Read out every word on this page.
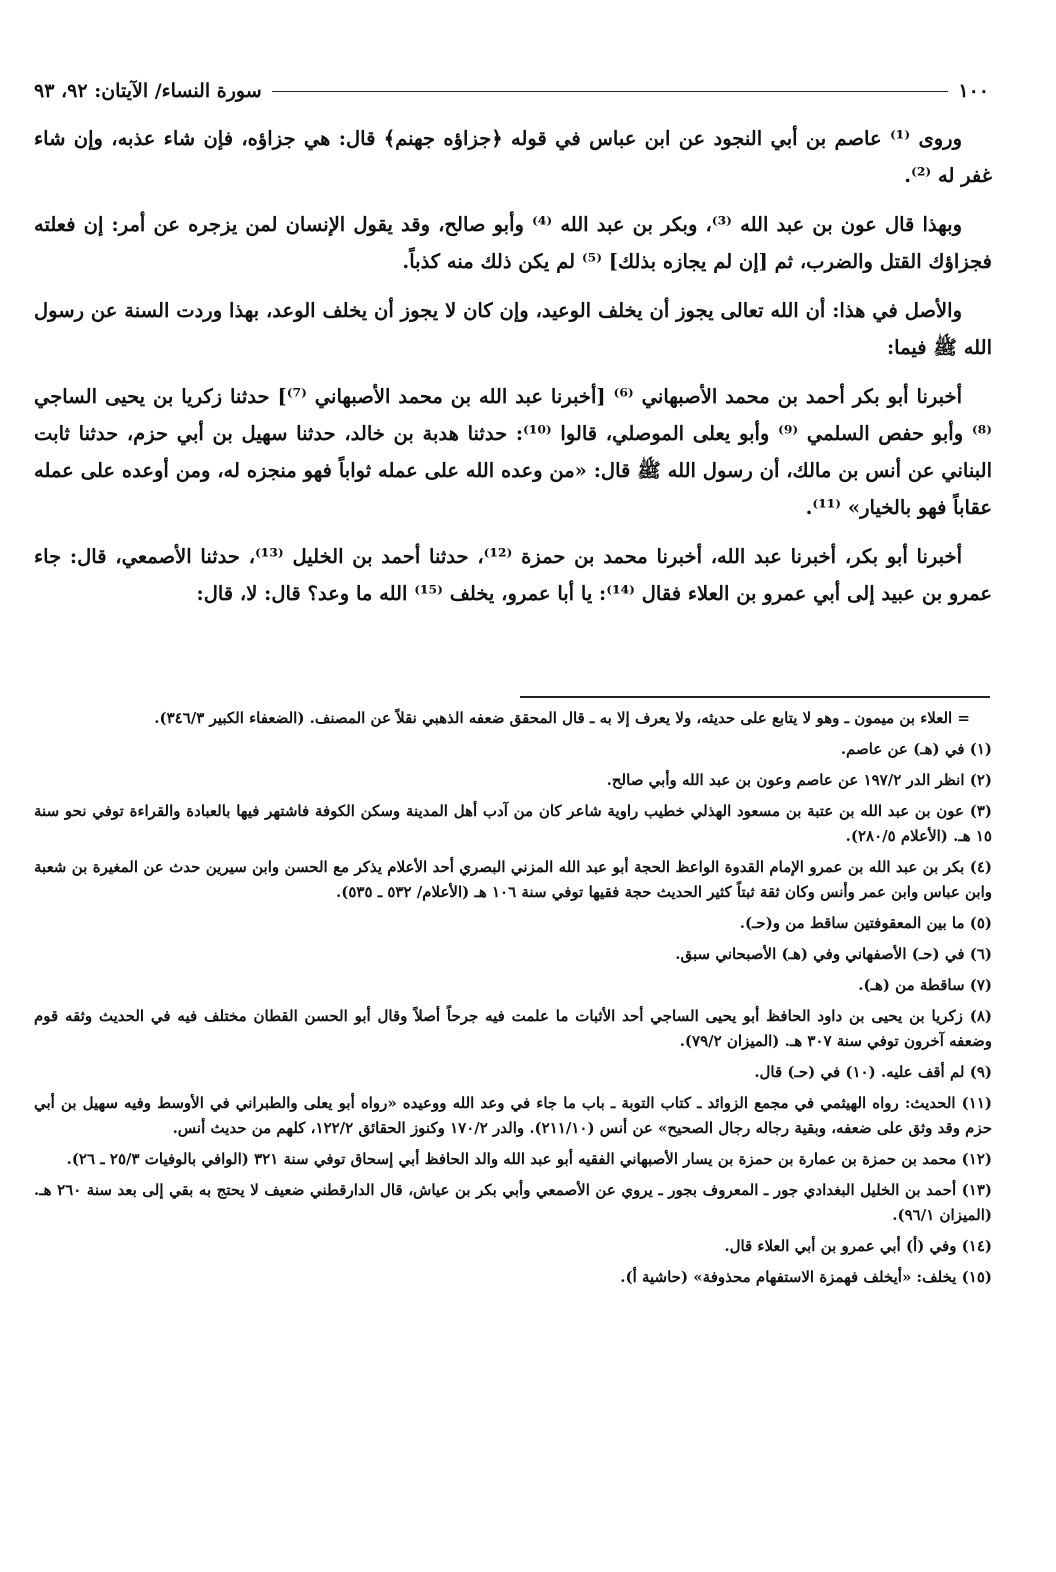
١٠٠
سورة النساء/ الآيتان: ٩٢، ٩٣

وروى ⁽¹⁾ عاصم بن أبي النجود عن ابن عباس في قوله ﴿جزاؤه جهنم﴾ قال: هي جزاؤه، فإن شاء عذبه، وإن شاء غفر له ⁽²⁾.

وبهذا قال عون بن عبد الله ⁽³⁾، وبكر بن عبد الله ⁽⁴⁾ وأبو صالح، وقد يقول الإنسان لمن يزجره عن أمر: إن فعلته فجزاؤك القتل والضرب، ثم [إن لم يجازه بذلك] ⁽⁵⁾ لم يكن ذلك منه كذباً.

والأصل في هذا: أن الله تعالى يجوز أن يخلف الوعيد، وإن كان لا يجوز أن يخلف الوعد، بهذا وردت السنة عن رسول الله ﷺ فيما:

أخبرنا أبو بكر أحمد بن محمد الأصبهاني ⁽⁶⁾ [أخبرنا عبد الله بن محمد الأصبهاني ⁽⁷⁾] حدثنا زكريا بن يحيى الساجي ⁽⁸⁾ وأبو حفص السلمي ⁽⁹⁾ وأبو يعلى الموصلي، قالوا ⁽¹⁰⁾: حدثنا هدبة بن خالد، حدثنا سهيل بن أبي حزم، حدثنا ثابت البناني عن أنس بن مالك، أن رسول الله ﷺ قال: «من وعده الله على عمله ثواباً فهو منجزه له، ومن أوعده على عمله عقاباً فهو بالخيار» ⁽¹¹⁾.

أخبرنا أبو بكر، أخبرنا عبد الله، أخبرنا محمد بن حمزة ⁽¹²⁾، حدثنا أحمد بن الخليل ⁽¹³⁾، حدثنا الأصمعي، قال: جاء عمرو بن عبيد إلى أبي عمرو بن العلاء فقال ⁽¹⁴⁾: يا أبا عمرو، يخلف ⁽¹⁵⁾ الله ما وعد؟ قال: لا، قال:

= العلاء بن ميمون ـ وهو لا يتابع على حديثه، ولا يعرف إلا به ـ قال المحقق ضعفه الذهبي نقلاً عن المصنف. (الضعفاء الكبير ٣٤٦/٣).

(١) في (هـ) عن عاصم.

(٢) انظر الدر ١٩٧/٢ عن عاصم وعون بن عبد الله وأبي صالح.

(٣) عون بن عبد الله بن عتبة بن مسعود الهذلي خطيب راوية شاعر كان من آدب أهل المدينة وسكن الكوفة فاشتهر فيها بالعبادة والقراءة توفي نحو سنة ١٥ هـ. (الأعلام ٢٨٠/٥).

(٤) بكر بن عبد الله بن عمرو الإمام القدوة الواعظ الحجة أبو عبد الله المزني البصري أحد الأعلام يذكر مع الحسن وابن سيرين حدث عن المغيرة بن شعبة وابن عباس وابن عمر وأنس وكان ثقة ثبتاً كثير الحديث حجة فقيها توفي سنة ١٠٦ هـ (الأعلام/ ٥٣٢ ـ ٥٣٥).

(٥) ما بين المعقوفتين ساقط من و(حـ).

(٦) في (حـ) الأصفهاني وفي (هـ) الأصبحاني سبق.

(٧) ساقطة من (هـ).

(٨) زكريا بن يحيى بن داود الحافظ أبو يحيى الساجي أحد الأثبات ما علمت فيه جرحاً أصلاً وقال أبو الحسن القطان مختلف فيه في الحديث وثقه قوم وضعفه آخرون توفي سنة ٣٠٧ هـ. (الميزان ٧٩/٢).

(٩) لم أقف عليه. (١٠) في (حـ) قال.

(١١) الحديث: رواه الهيثمي في مجمع الزوائد ـ كتاب التوبة ـ باب ما جاء في وعد الله ووعيده «رواه أبو يعلى والطبراني في الأوسط وفيه سهيل بن أبي حزم وقد وثق على ضعفه، وبقية رجاله رجال الصحيح» عن أنس (٢١١/١٠). والدر ١٧٠/٢ وكنوز الحقائق ١٢٢/٢، كلهم من حديث أنس.

(١٢) محمد بن حمزة بن عمارة بن حمزة بن يسار الأصبهاني الفقيه أبو عبد الله والد الحافظ أبي إسحاق توفي سنة ٣٢١ (الوافي بالوفيات ٢٥/٣ ـ ٢٦).

(١٣) أحمد بن الخليل البغدادي جور ـ المعروف بجور ـ يروي عن الأصمعي وأبي بكر بن عياش، قال الدارقطني ضعيف لا يحتج به بقي إلى بعد سنة ٢٦٠ هـ. (الميزان ٩٦/١).

(١٤) وفي (أ) أبي عمرو بن أبي العلاء قال.

(١٥) يخلف: «أيخلف فهمزة الاستفهام محذوفة» (حاشية أ).
